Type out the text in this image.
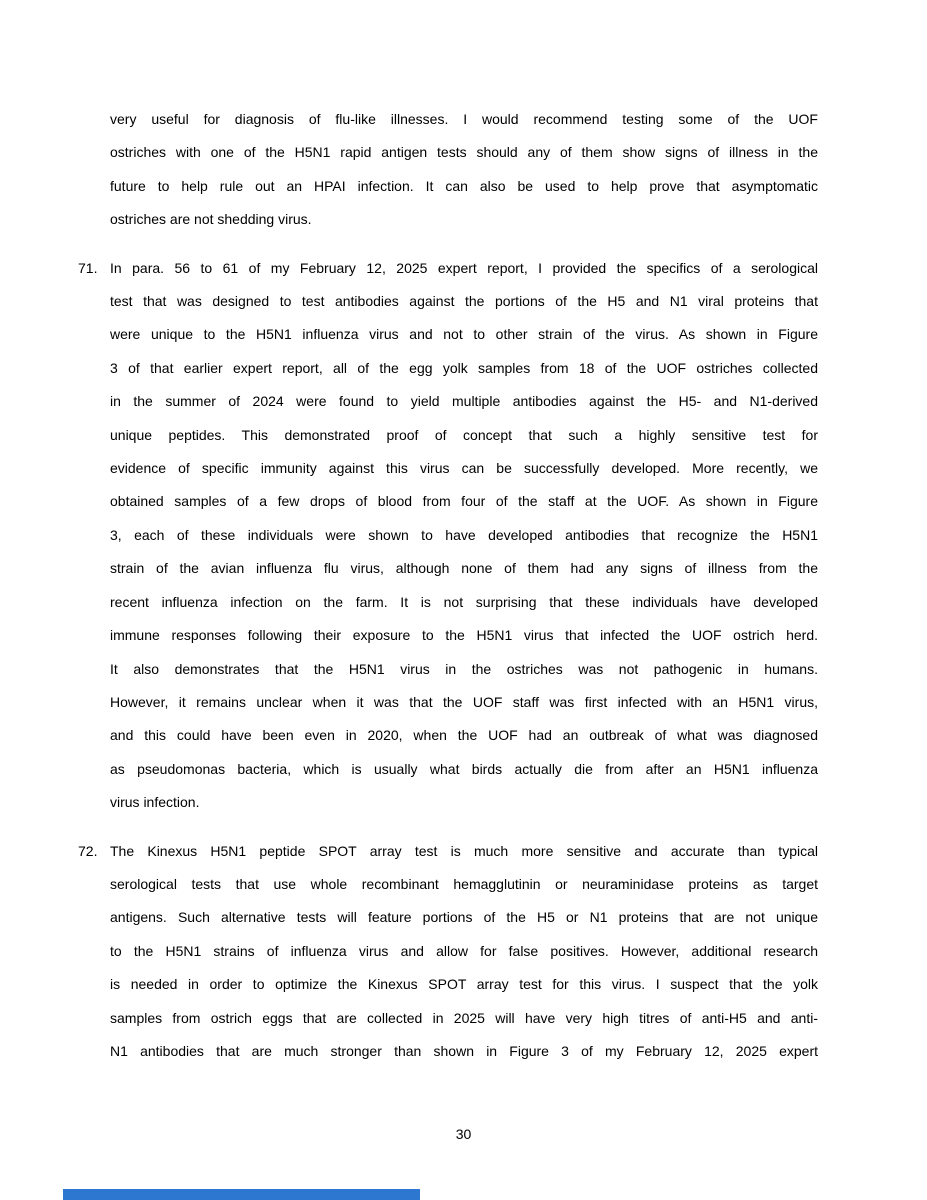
very useful for diagnosis of flu-like illnesses. I would recommend testing some of the UOF
ostriches with one of the H5N1 rapid antigen tests should any of them show signs of illness in the
future to help rule out an HPAI infection. It can also be used to help prove that asymptomatic
ostriches are not shedding virus.
71. In para. 56 to 61 of my February 12, 2025 expert report, I provided the specifics of a serological
test that was designed to test antibodies against the portions of the H5 and N1 viral proteins that
were unique to the H5N1 influenza virus and not to other strain of the virus. As shown in Figure
3 of that earlier expert report, all of the egg yolk samples from 18 of the UOF ostriches collected
in the summer of 2024 were found to yield multiple antibodies against the H5- and N1-derived
unique peptides. This demonstrated proof of concept that such a highly sensitive test for
evidence of specific immunity against this virus can be successfully developed. More recently, we
obtained samples of a few drops of blood from four of the staff at the UOF. As shown in Figure
3, each of these individuals were shown to have developed antibodies that recognize the H5N1
strain of the avian influenza flu virus, although none of them had any signs of illness from the
recent influenza infection on the farm. It is not surprising that these individuals have developed
immune responses following their exposure to the H5N1 virus that infected the UOF ostrich herd.
It also demonstrates that the H5N1 virus in the ostriches was not pathogenic in humans.
However, it remains unclear when it was that the UOF staff was first infected with an H5N1 virus,
and this could have been even in 2020, when the UOF had an outbreak of what was diagnosed
as pseudomonas bacteria, which is usually what birds actually die from after an H5N1 influenza
virus infection.
72. The Kinexus H5N1 peptide SPOT array test is much more sensitive and accurate than typical
serological tests that use whole recombinant hemagglutinin or neuraminidase proteins as target
antigens. Such alternative tests will feature portions of the H5 or N1 proteins that are not unique
to the H5N1 strains of influenza virus and allow for false positives. However, additional research
is needed in order to optimize the Kinexus SPOT array test for this virus. I suspect that the yolk
samples from ostrich eggs that are collected in 2025 will have very high titres of anti-H5 and anti-
N1 antibodies that are much stronger than shown in Figure 3 of my February 12, 2025 expert
30
